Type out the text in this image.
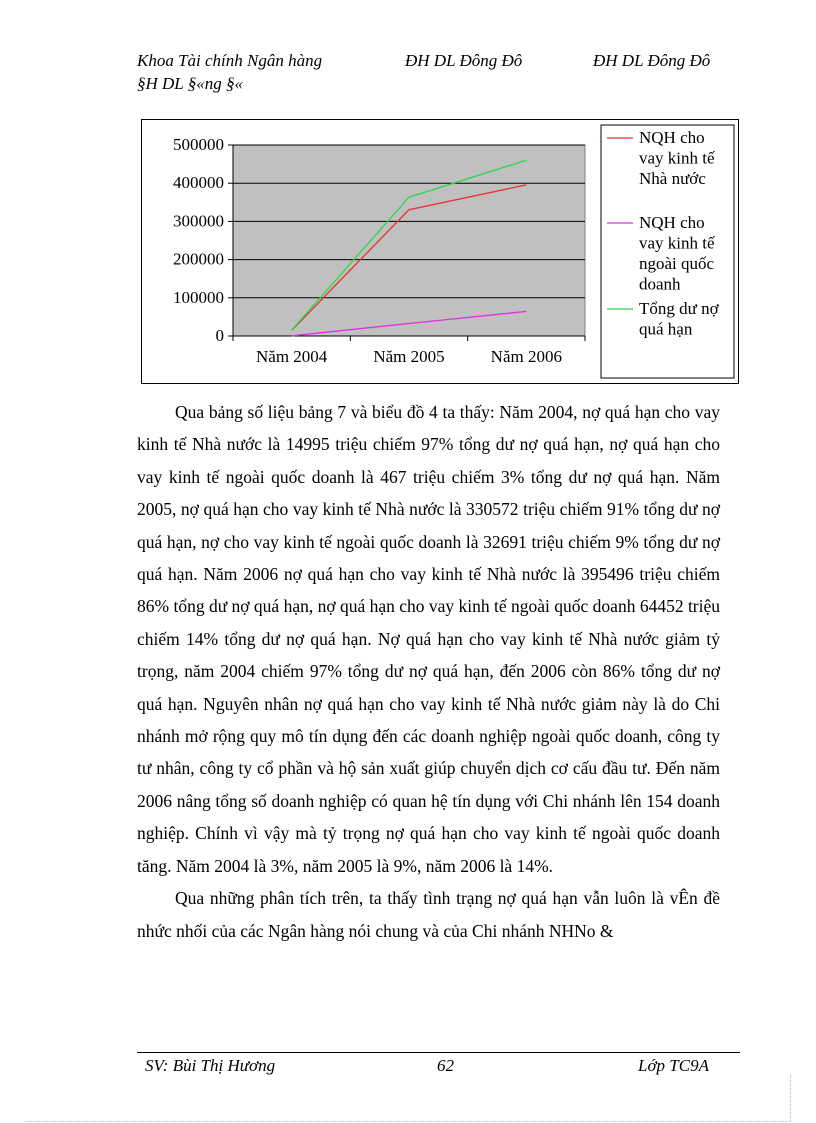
Khoa Tài chính Ngân hàng
§H DL §«ng §«
ĐH DL Đông Đô	ĐH DL Đông Đô
0
100000
200000
300000
400000
500000
Năm 2004	Năm 2005	Năm 2006
NQH cho
vay kinh tế
Nhà nước
NQH cho
vay kinh tế
ngoài quốc
doanh
Tổng dư nợ
quá hạn

Qua bảng số liệu bảng 7 và biểu đồ 4 ta thấy: Năm 2004, nợ quá hạn cho vay kinh tế Nhà nước là 14995 triệu chiếm 97% tổng dư nợ quá hạn, nợ quá hạn cho vay kinh tế ngoài quốc doanh là 467 triệu chiếm 3% tổng dư nợ quá hạn. Năm 2005, nợ quá hạn cho vay kinh tế Nhà nước là 330572 triệu chiếm 91% tổng dư nợ quá hạn, nợ cho vay kinh tế ngoài quốc doanh là 32691 triệu chiếm 9% tổng dư nợ quá hạn. Năm 2006 nợ quá hạn cho vay kinh tế Nhà nước là 395496 triệu chiếm 86% tổng dư nợ quá hạn, nợ quá hạn cho vay kinh tế ngoài quốc doanh 64452 triệu chiếm 14% tổng dư nợ quá hạn. Nợ quá hạn cho vay kinh tế Nhà nước giảm tỷ trọng, năm 2004 chiếm 97% tổng dư nợ quá hạn, đến 2006 còn 86% tổng dư nợ quá hạn. Nguyên nhân nợ quá hạn cho vay kinh tế Nhà nước giảm này là do Chi nhánh mở rộng quy mô tín dụng đến các doanh nghiệp ngoài quốc doanh, công ty tư nhân, công ty cổ phần và hộ sản xuất giúp chuyển dịch cơ cấu đầu tư. Đến năm 2006 nâng tổng số doanh nghiệp có quan hệ tín dụng với Chi nhánh lên 154 doanh nghiệp. Chính vì vậy mà tỷ trọng nợ quá hạn cho vay kinh tế ngoài quốc doanh tăng. Năm 2004 là 3%, năm 2005 là 9%, năm 2006 là 14%.

Qua những phân tích trên, ta thấy tình trạng nợ quá hạn vẫn luôn là vÊn đề nhức nhối của các Ngân hàng nói chung và của Chi nhánh NHNo &

SV: Bùi Thị Hương	62	Lớp TC9A
